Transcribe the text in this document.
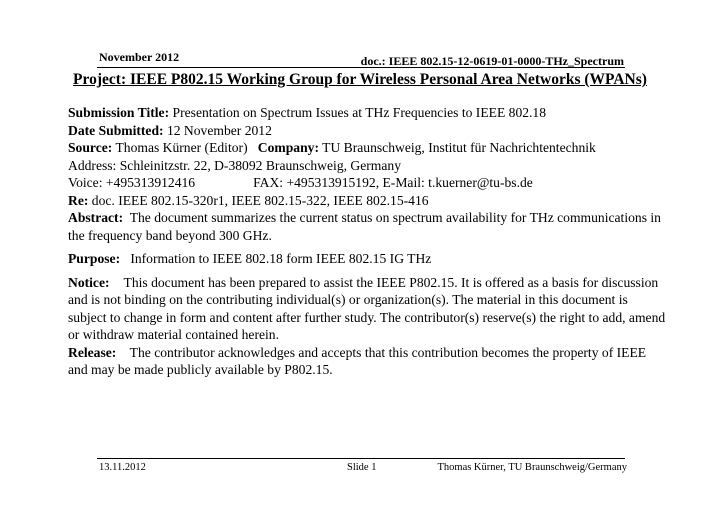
November 2012	doc.: IEEE 802.15-12-0619-01-0000-THz_Spectrum
Project: IEEE P802.15 Working Group for Wireless Personal Area Networks (WPANs)

Submission Title: Presentation on Spectrum Issues at THz Frequencies to IEEE 802.18

Date Submitted: 12 November 2012

Source: Thomas Kürner (Editor) Company: TU Braunschweig, Institut für Nachrichtentechnik

Address: Schleinitzstr. 22, D-38092 Braunschweig, Germany

Voice: +495313912416	FAX: +495313915192, E-Mail: t.kuerner@tu-bs.de

Re: doc. IEEE 802.15-320r1, IEEE 802.15-322, IEEE 802.15-416

Abstract: The document summarizes the current status on spectrum availability for THz communications in the frequency band beyond 300 GHz.

Purpose: Information to IEEE 802.18 form IEEE 802.15 IG THz

Notice: This document has been prepared to assist the IEEE P802.15. It is offered as a basis for discussion and is not binding on the contributing individual(s) or organization(s). The material in this document is subject to change in form and content after further study. The contributor(s) reserve(s) the right to add, amend or withdraw material contained herein.

Release: The contributor acknowledges and accepts that this contribution becomes the property of IEEE and may be made publicly available by P802.15.

13.11.2012	Slide 1	Thomas Kürner, TU Braunschweig/Germany
